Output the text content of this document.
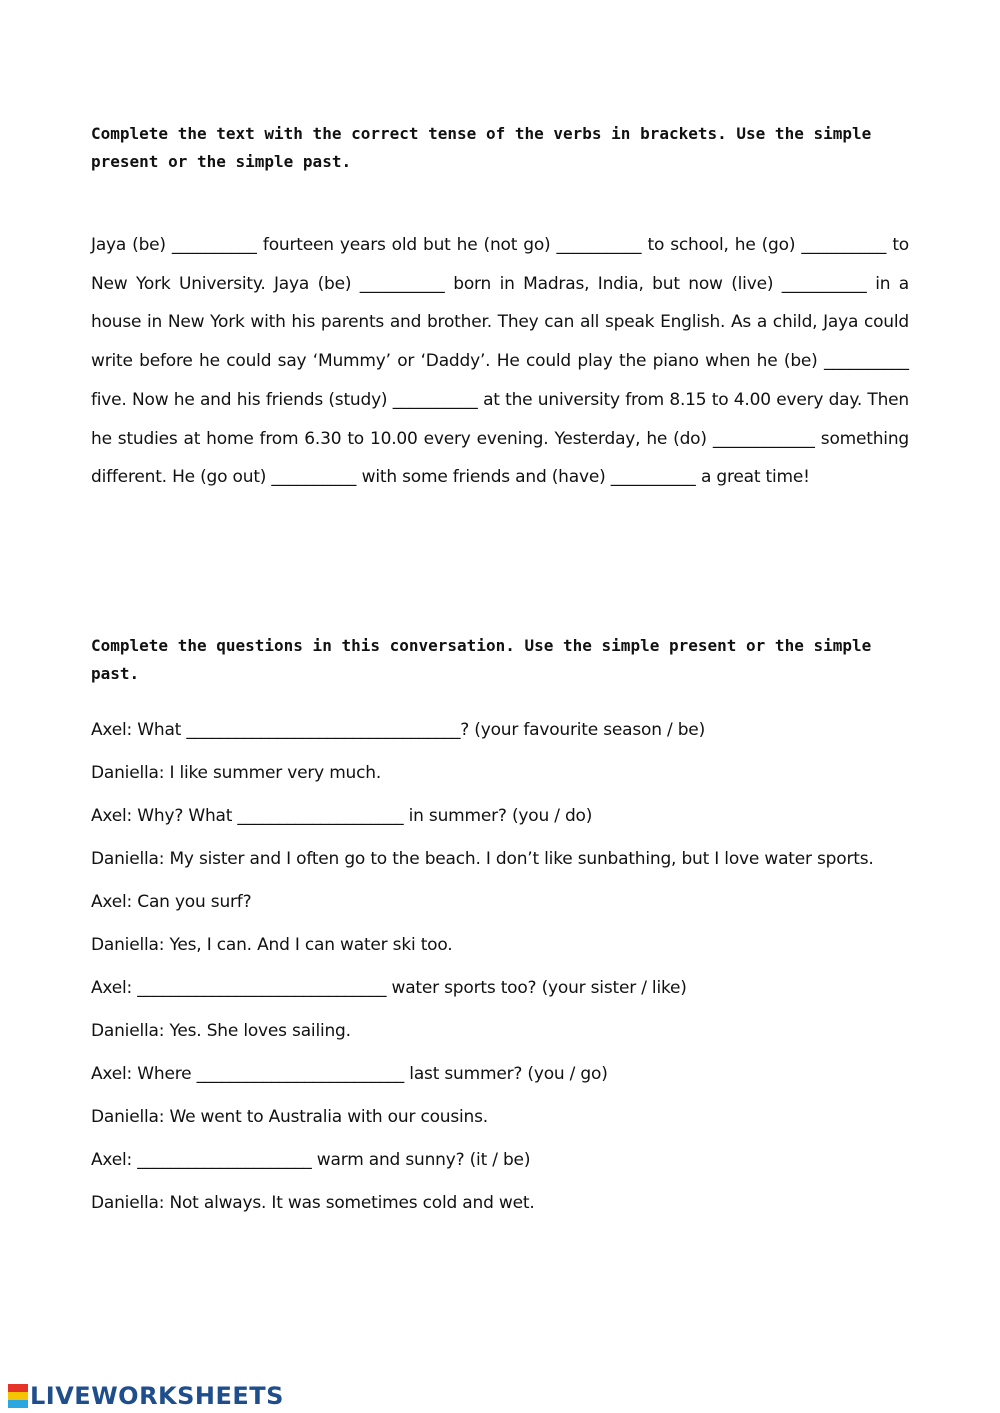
Complete the text with the correct tense of the verbs in brackets. Use the simple present or the simple past.

Jaya (be) __________ fourteen years old but he (not go) __________ to school, he (go) __________ to New York University. Jaya (be) __________ born in Madras, India, but now (live) __________ in a house in New York with his parents and brother. They can all speak English. As a child, Jaya could write before he could say ‘Mummy’ or ‘Daddy’. He could play the piano when he (be) __________ five. Now he and his friends (study) __________ at the university from 8.15 to 4.00 every day. Then he studies at home from 6.30 to 10.00 every evening. Yesterday, he (do) ____________ something different. He (go out) __________ with some friends and (have) __________ a great time!

Complete the questions in this conversation. Use the simple present or the simple past.

Axel: What _________________________________? (your favourite season / be)
Daniella: I like summer very much.
Axel: Why? What ____________________ in summer? (you / do)
Daniella: My sister and I often go to the beach. I don’t like sunbathing, but I love water sports.
Axel: Can you surf?
Daniella: Yes, I can. And I can water ski too.
Axel: ______________________________ water sports too? (your sister / like)
Daniella: Yes. She loves sailing.
Axel: Where _________________________ last summer? (you / go)
Daniella: We went to Australia with our cousins.
Axel: _____________________ warm and sunny? (it / be)
Daniella: Not always. It was sometimes cold and wet.
LIVEWORKSHEETS
